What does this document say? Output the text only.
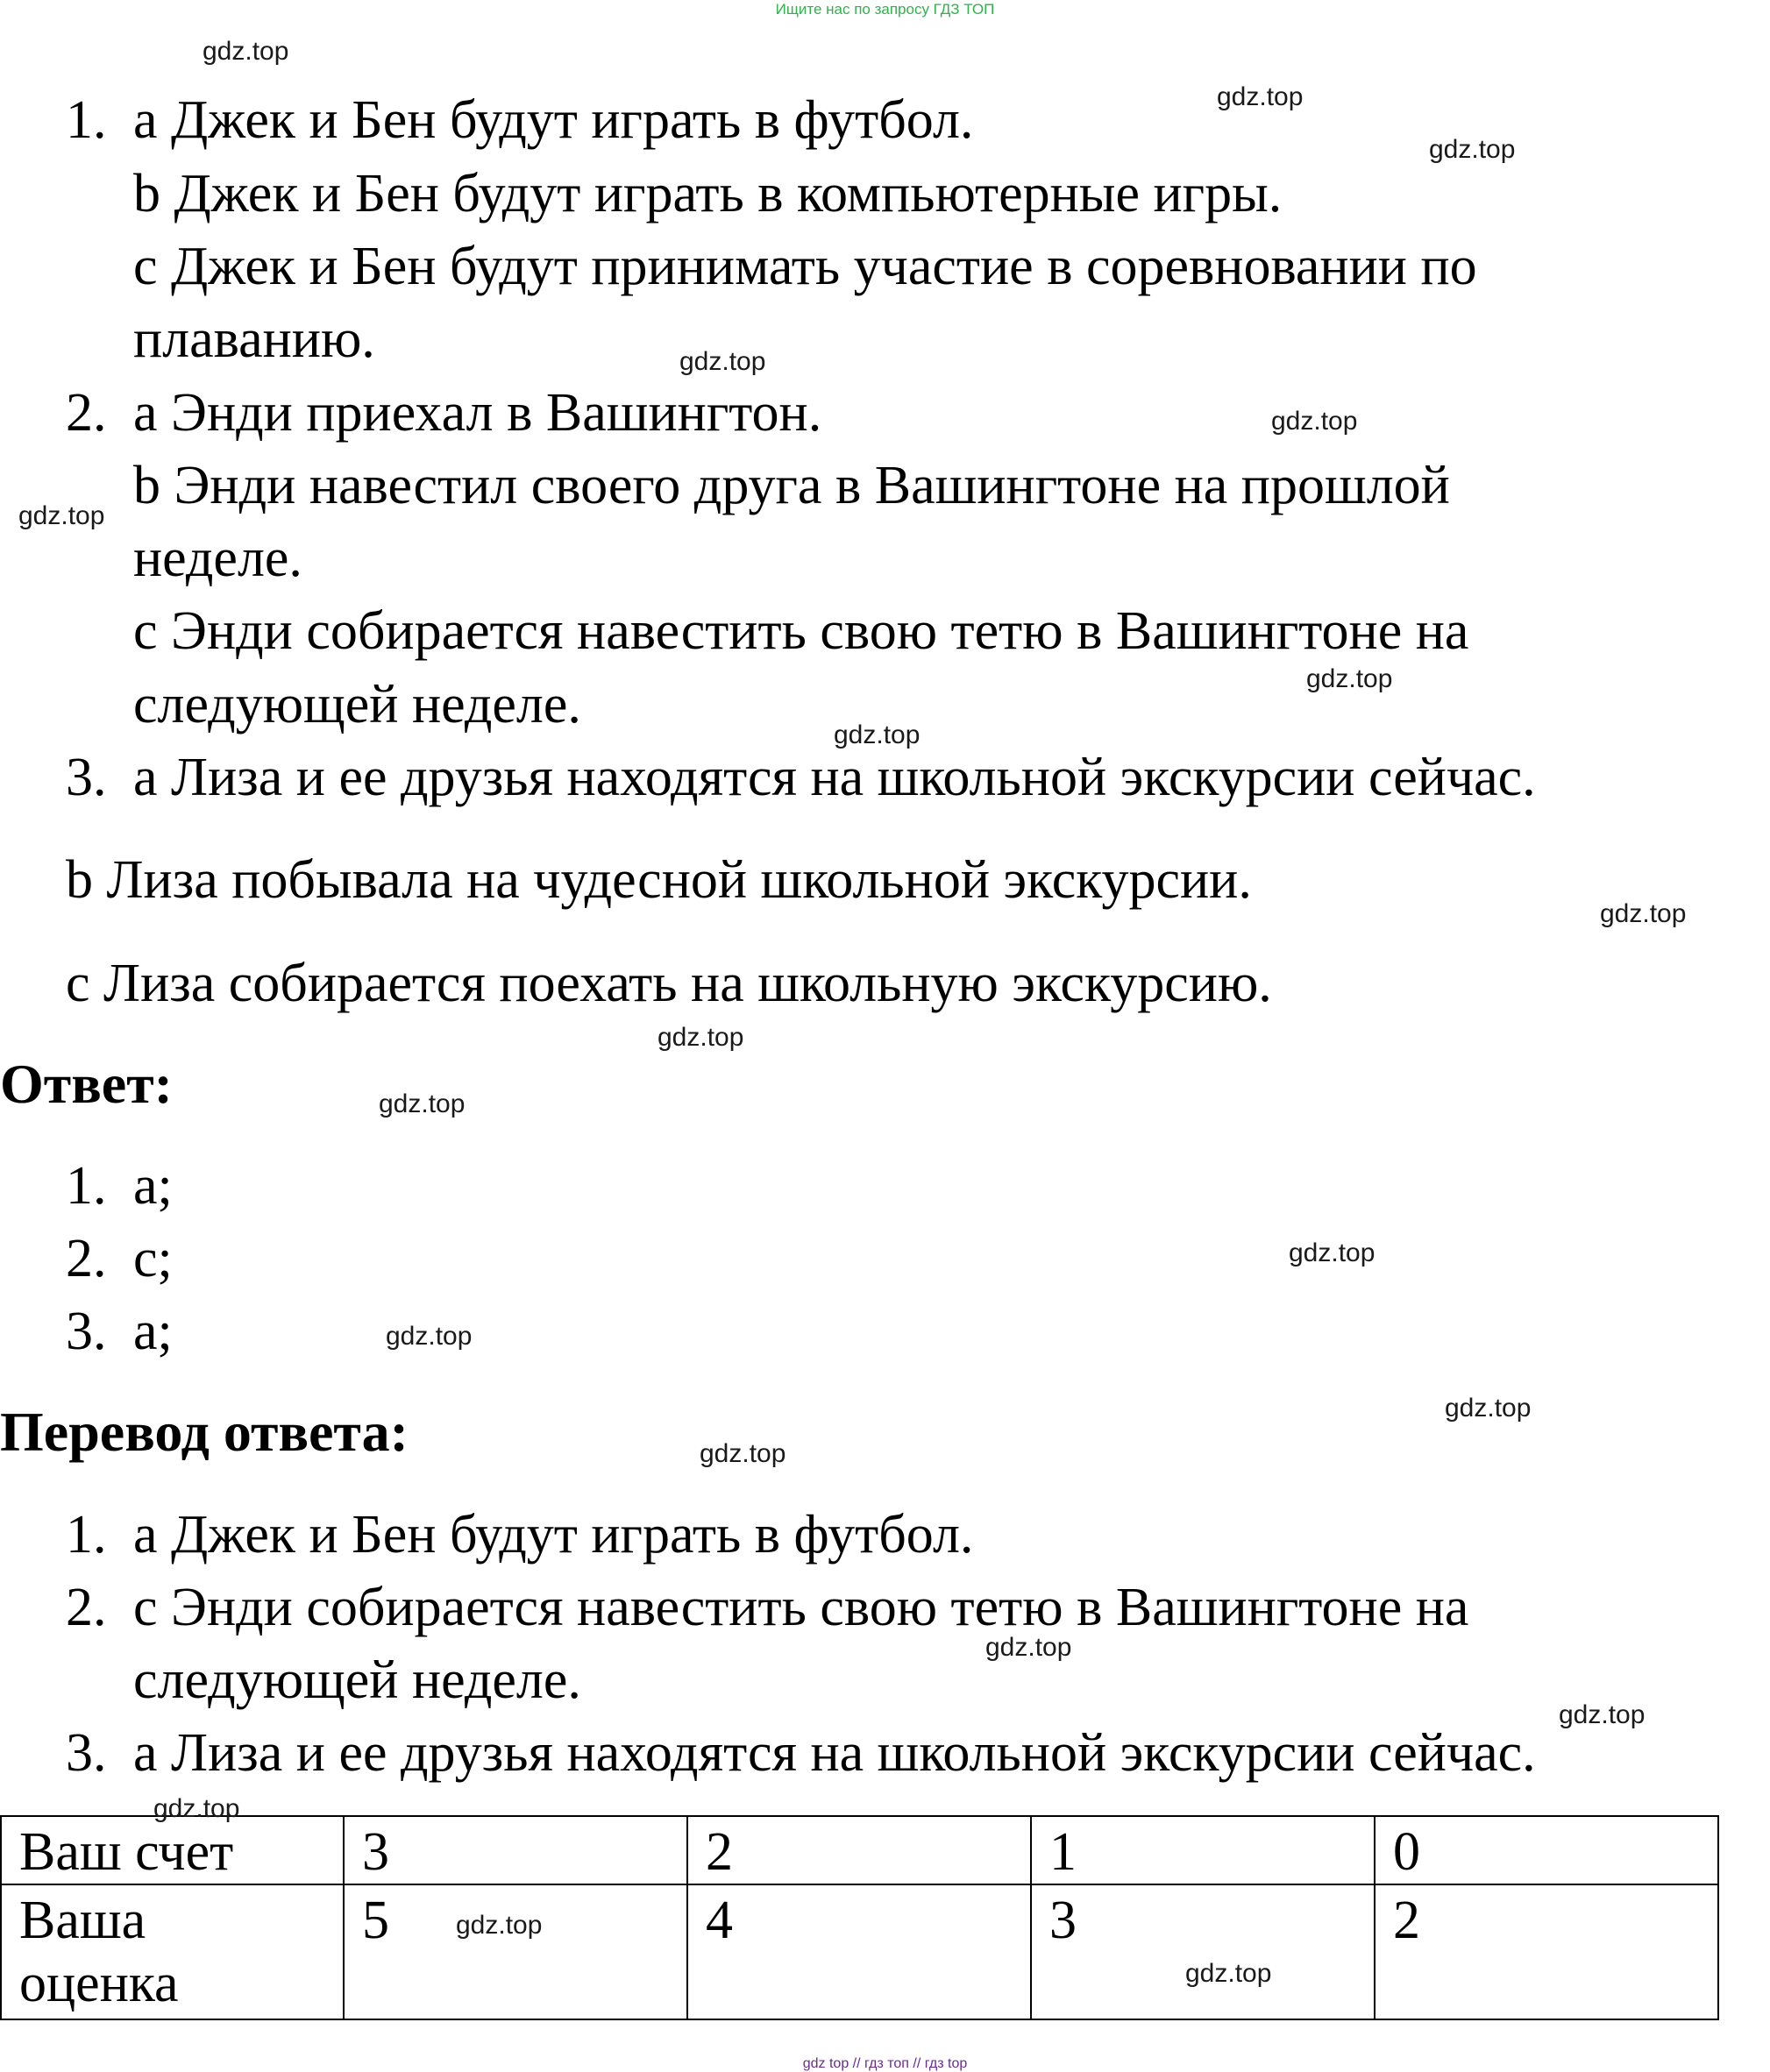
Ищите нас по запросу ГДЗ ТОП
1. a Джек и Бен будут играть в футбол.
b Джек и Бен будут играть в компьютерные игры.
c Джек и Бен будут принимать участие в соревновании по
плаванию.
2. a Энди приехал в Вашингтон.
b Энди навестил своего друга в Вашингтоне на прошлой
неделе.
c Энди собирается навестить свою тетю в Вашингтоне на
следующей неделе.
3. a Лиза и ее друзья находятся на школьной экскурсии сейчас.
b Лиза побывала на чудесной школьной экскурсии.
c Лиза собирается поехать на школьную экскурсию.
Ответ:
1. a;
2. c;
3. a;
Перевод ответа:
1. a Джек и Бен будут играть в футбол.
2. c Энди собирается навестить свою тетю в Вашингтоне на
следующей неделе.
3. a Лиза и ее друзья находятся на школьной экскурсии сейчас.
Ваш счет	3	2	1	0

Ваша
оценка	5	4	3	2
gdz.top
gdz.top
gdz.top
gdz.top
gdz.top
gdz.top
gdz.top
gdz.top
gdz.top
gdz.top
gdz.top
gdz.top
gdz.top
gdz.top
gdz.top
gdz.top
gdz.top
gdz.top
gdz.top
gdz.top
gdz top // гдз топ // гдз top
